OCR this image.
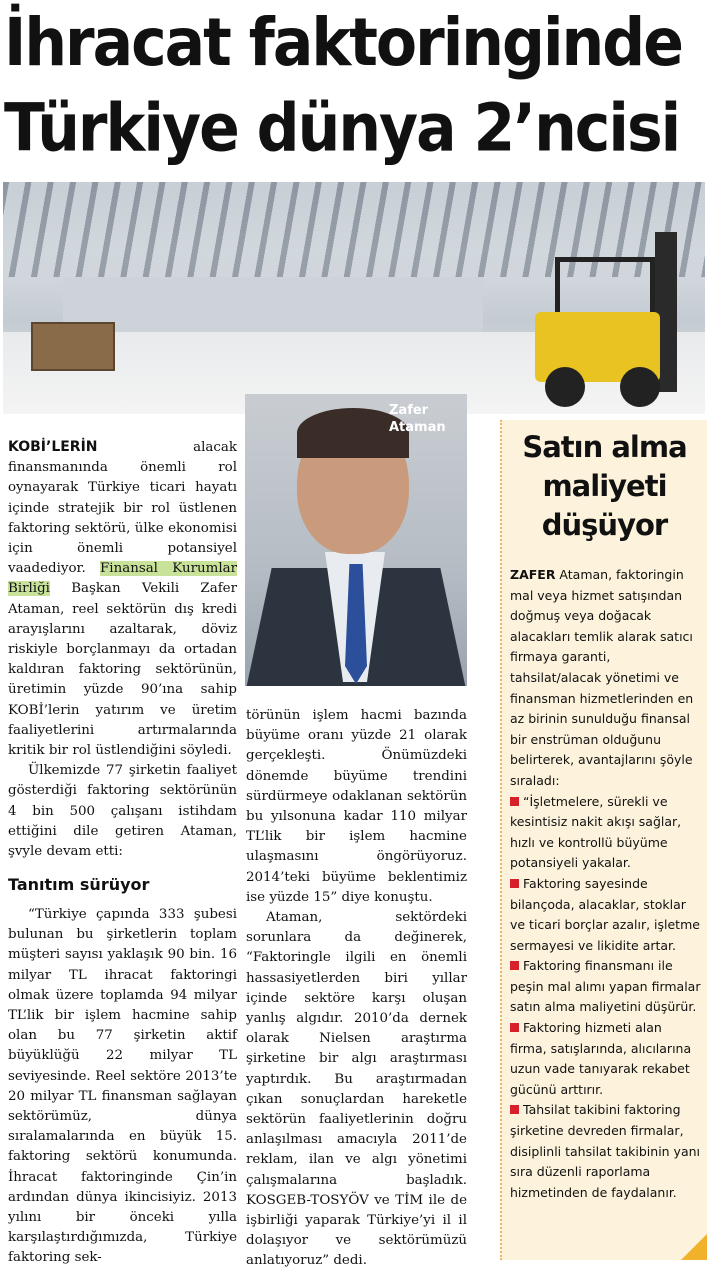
İhracat faktoringinde
Türkiye dünya 2’ncisi
Zafer
Ataman

KOBİ’LERİN alacak finansmanında önemli rol oynayarak Türkiye ticari hayatı içinde stratejik bir rol üstlenen faktoring sektörü, ülke ekonomisi için önemli potansiyel vaadediyor. Finansal Kurumlar Birliği Başkan Vekili Zafer Ataman, reel sektörün dış kredi arayışlarını azaltarak, döviz riskiyle borçlanmayı da ortadan kaldıran faktoring sektörünün, üretimin yüzde 90’ına sahip KOBİ’lerin yatırım ve üretim faaliyetlerini artırmalarında kritik bir rol üstlendiğini söyledi.

Ülkemizde 77 şirketin faaliyet gösterdiği faktoring sektörünün 4 bin 500 çalışanı istihdam ettiğini dile getiren Ataman, şvyle devam etti:

Tanıtım sürüyor

“Türkiye çapında 333 şubesi bulunan bu şirketlerin toplam müşteri sayısı yaklaşık 90 bin. 16 milyar TL ihracat faktoringi olmak üzere toplamda 94 milyar TL’lik bir işlem hacmine sahip olan bu 77 şirketin aktif büyüklüğü 22 milyar TL seviyesinde. Reel sektöre 2013’te 20 milyar TL finansman sağlayan sektörümüz, dünya sıralamalarında en büyük 15. faktoring sektörü konumunda. İhracat faktoringinde Çin’in ardından dünya ikincisiyiz. 2013 yılını bir önceki yılla karşılaştırdığımızda, Türkiye faktoring sek-

törünün işlem hacmi bazında büyüme oranı yüzde 21 olarak gerçekleşti. Önümüzdeki dönemde büyüme trendini sürdürmeye odaklanan sektörün bu yılsonuna kadar 110 milyar TL’lik bir işlem hacmine ulaşmasını öngörüyoruz. 2014’teki büyüme beklentimiz ise yüzde 15” diye konuştu.

Ataman, sektördeki sorunlara da değinerek, “Faktoringle ilgili en önemli hassasiyetlerden biri yıllar içinde sektöre karşı oluşan yanlış algıdır. 2010’da dernek olarak Nielsen araştırma şirketine bir algı araştırması yaptırdık. Bu araştırmadan çıkan sonuçlardan hareketle sektörün faaliyetlerinin doğru anlaşılması amacıyla 2011’de reklam, ilan ve algı yönetimi çalışmalarına başladık. KOSGEB-TOSYÖV ve TİM ile de işbirliği yaparak Türkiye’yi il il dolaşıyor ve sektörümüzü anlatıyoruz” dedi.

Satın alma
maliyeti
düşüyor

ZAFER Ataman, faktoringin mal veya hizmet satışından doğmuş veya doğacak alacakları temlik alarak satıcı firmaya garanti, tahsilat/alacak yönetimi ve finansman hizmetlerinden en az birinin sunulduğu finansal bir enstrüman olduğunu belirterek, avantajlarını şöyle sıraladı:

“İşletmelere, sürekli ve kesintisiz nakit akışı sağlar, hızlı ve kontrollü büyüme potansiyeli yakalar.

Faktoring sayesinde bilançoda, alacaklar, stoklar ve ticari borçlar azalır, işletme sermayesi ve likidite artar.

Faktoring finansmanı ile peşin mal alımı yapan firmalar satın alma maliyetini düşürür.

Faktoring hizmeti alan firma, satışlarında, alıcılarına uzun vade tanıyarak rekabet gücünü arttırır.

Tahsilat takibini faktoring şirketine devreden firmalar, disiplinli tahsilat takibinin yanı sıra düzenli raporlama hizmetinden de faydalanır.
